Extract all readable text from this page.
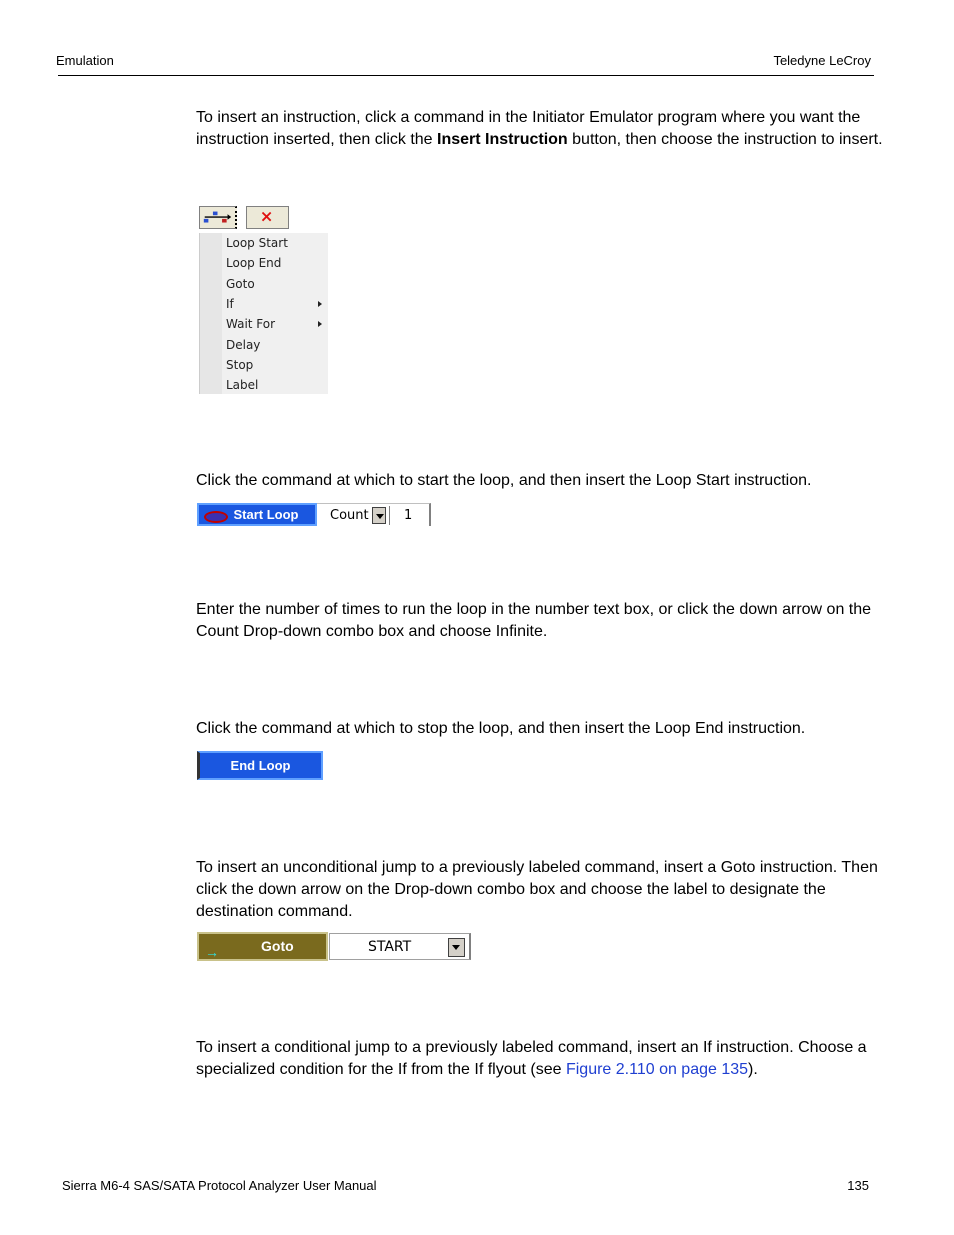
Emulation	Teledyne LeCroy
To insert an instruction, click a command in the Initiator Emulator program where you want the instruction inserted, then click the Insert Instruction button, then choose the instruction to insert.
Loop Start
Loop End
Goto
If
Wait For
Delay
Stop
Label
Click the command at which to start the loop, and then insert the Loop Start instruction.
Start Loop	Count	1
Enter the number of times to run the loop in the number text box, or click the down arrow on the Count Drop-down combo box and choose Infinite.
Click the command at which to stop the loop, and then insert the Loop End instruction.
End Loop
To insert an unconditional jump to a previously labeled command, insert a Goto instruction. Then click the down arrow on the Drop-down combo box and choose the label to designate the destination command.
→	Goto	START
To insert a conditional jump to a previously labeled command, insert an If instruction. Choose a specialized condition for the If from the If flyout (see Figure 2.110 on page 135).
Sierra M6-4 SAS/SATA Protocol Analyzer User Manual	135
